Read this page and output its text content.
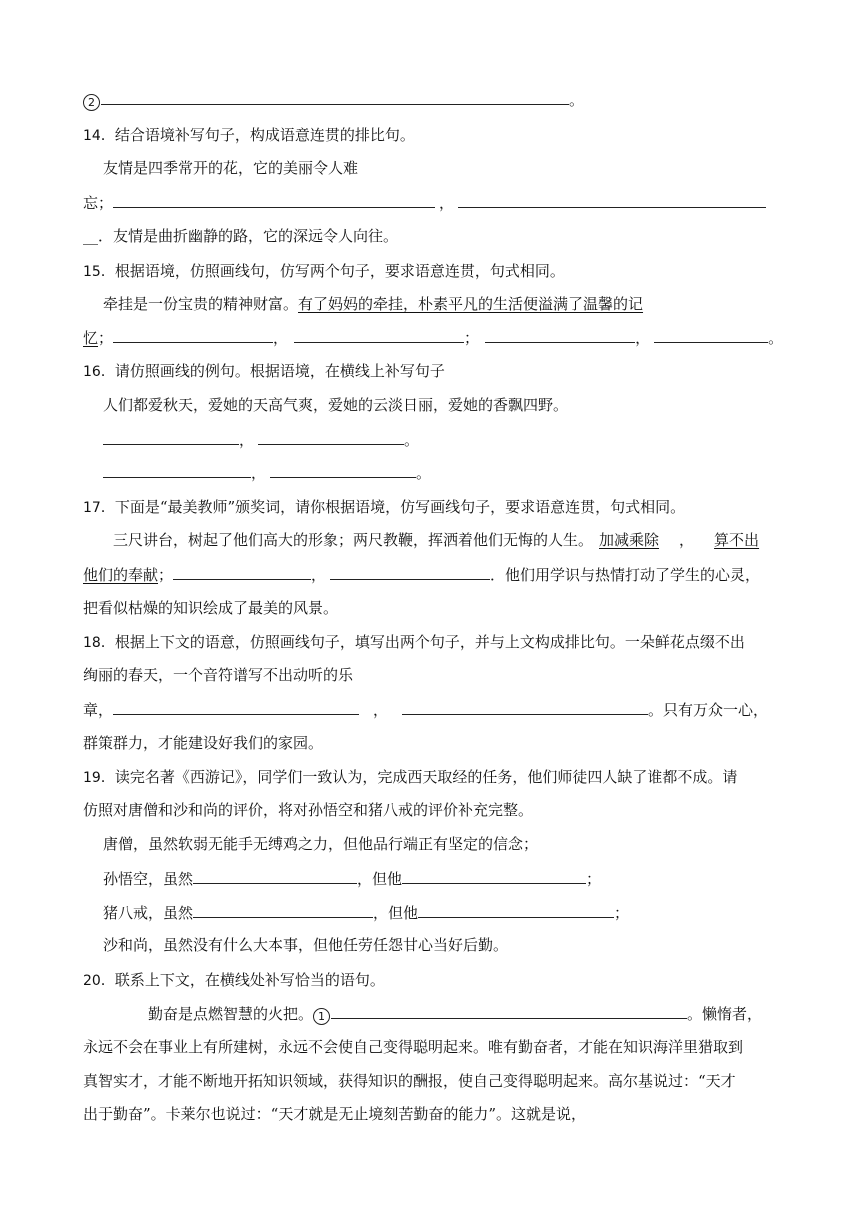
2	。
14．结合语境补写句子，构成语意连贯的排比句。
友情是四季常开的花，它的美丽令人难
忘；	，
__．友情是曲折幽静的路，它的深远令人向往。
15．根据语境，仿照画线句，仿写两个句子，要求语意连贯，句式相同。
牵挂是一份宝贵的精神财富。有了妈妈的牵挂，朴素平凡的生活便溢满了温馨的记
忆；	，	；	，	。
16．请仿照画线的例句。根据语境，在横线上补写句子
人们都爱秋天，爱她的天高气爽，爱她的云淡日丽，爱她的香飘四野。
，	。
，	。
17．下面是“最美教师”颁奖词，请你根据语境，仿写画线句子，要求语意连贯，句式相同。
三尺讲台，树起了他们高大的形象；两尺教鞭，挥洒着他们无悔的人生。 加减乘除 ， 算不出
他们的奉献；	，	．他们用学识与热情打动了学生的心灵，
把看似枯燥的知识绘成了最美的风景。
18．根据上下文的语意，仿照画线句子，填写出两个句子，并与上文构成排比句。一朵鲜花点缀不出
绚丽的春天，一个音符谱写不出动听的乐
章，	，	。只有万众一心，
群策群力，才能建设好我们的家园。
19．读完名著《西游记》，同学们一致认为，完成西天取经的任务，他们师徒四人缺了谁都不成。请
仿照对唐僧和沙和尚的评价，将对孙悟空和猪八戒的评价补充完整。
唐僧，虽然软弱无能手无缚鸡之力，但他品行端正有坚定的信念；
孙悟空，虽然	，但他	；
猪八戒，虽然	，但他	；
沙和尚，虽然没有什么大本事，但他任劳任怨甘心当好后勤。
20．联系上下文，在横线处补写恰当的语句。
勤奋是点燃智慧的火把。 1	。懒惰者，
永远不会在事业上有所建树，永远不会使自己变得聪明起来。唯有勤奋者，才能在知识海洋里猎取到
真智实才，才能不断地开拓知识领域，获得知识的酬报，使自己变得聪明起来。高尔基说过：“天才
出于勤奋”。卡莱尔也说过：“天才就是无止境刻苦勤奋的能力”。这就是说，
